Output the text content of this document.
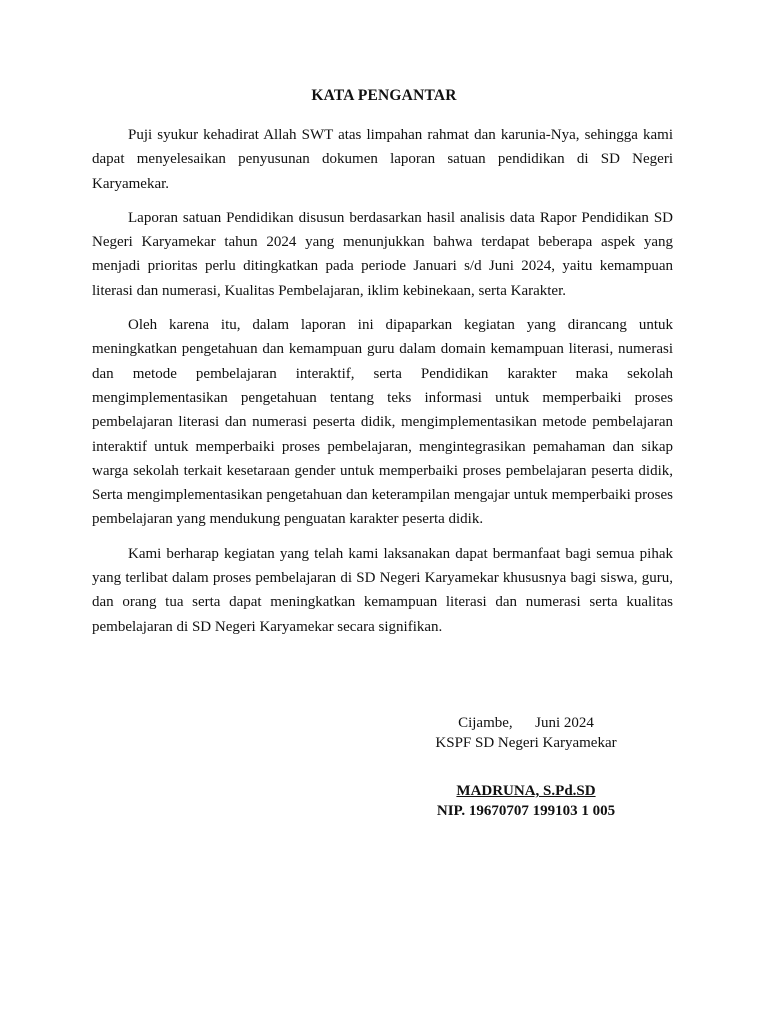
KATA PENGANTAR

Puji syukur kehadirat Allah SWT atas limpahan rahmat dan karunia-Nya, sehingga kami dapat menyelesaikan penyusunan dokumen laporan satuan pendidikan di SD Negeri Karyamekar.

Laporan satuan Pendidikan disusun berdasarkan hasil analisis data Rapor Pendidikan SD Negeri Karyamekar tahun 2024 yang menunjukkan bahwa terdapat beberapa aspek yang menjadi prioritas perlu ditingkatkan pada periode Januari s/d Juni 2024, yaitu kemampuan literasi dan numerasi, Kualitas Pembelajaran, iklim kebinekaan, serta Karakter.

Oleh karena itu, dalam laporan ini dipaparkan kegiatan yang dirancang untuk meningkatkan pengetahuan dan kemampuan guru dalam domain kemampuan literasi, numerasi dan metode pembelajaran interaktif, serta Pendidikan karakter maka sekolah mengimplementasikan pengetahuan tentang teks informasi untuk memperbaiki proses pembelajaran literasi dan numerasi peserta didik, mengimplementasikan metode pembelajaran interaktif untuk memperbaiki proses pembelajaran, mengintegrasikan pemahaman dan sikap warga sekolah terkait kesetaraan gender untuk memperbaiki proses pembelajaran peserta didik, Serta mengimplementasikan pengetahuan dan keterampilan mengajar untuk memperbaiki proses pembelajaran yang mendukung penguatan karakter peserta didik.

Kami berharap kegiatan yang telah kami laksanakan dapat bermanfaat bagi semua pihak yang terlibat dalam proses pembelajaran di SD Negeri Karyamekar khususnya bagi siswa, guru, dan orang tua serta dapat meningkatkan kemampuan literasi dan numerasi serta kualitas pembelajaran di SD Negeri Karyamekar secara signifikan.

Cijambe,      Juni 2024
KSPF SD Negeri Karyamekar
MADRUNA, S.Pd.SD
NIP. 19670707 199103 1 005
